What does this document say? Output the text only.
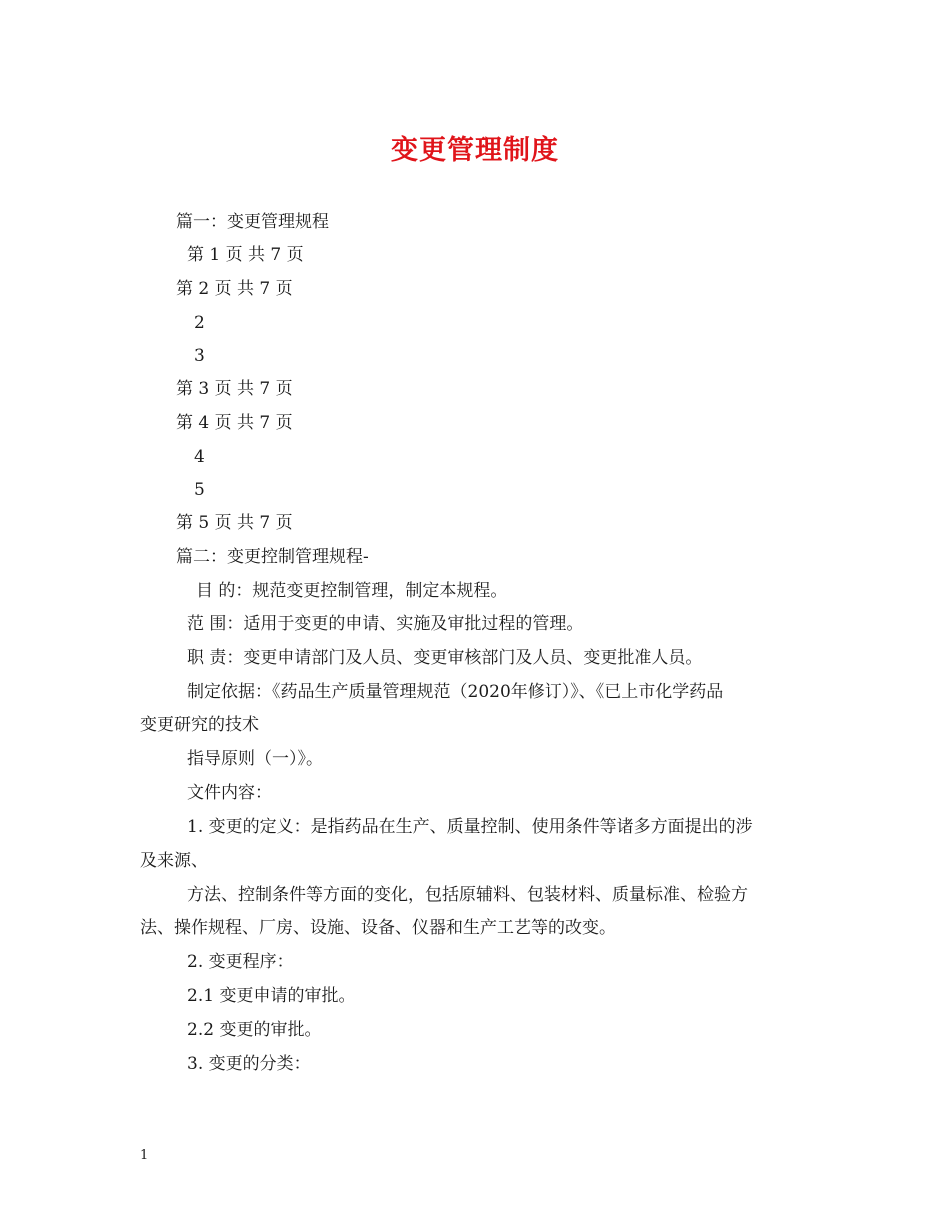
变更管理制度
篇一：变更管理规程
第 1 页 共 7 页
第 2 页 共 7 页
2
3
第 3 页 共 7 页
第 4 页 共 7 页
4
5
第 5 页 共 7 页
篇二：变更控制管理规程-
目 的：规范变更控制管理，制定本规程。
范 围：适用于变更的申请、实施及审批过程的管理。
职 责：变更申请部门及人员、变更审核部门及人员、变更批准人员。
制定依据：《药品生产质量管理规范（2020年修订）》、《已上市化学药品
变更研究的技术
指导原则（一）》。
文件内容：
1. 变更的定义：是指药品在生产、质量控制、使用条件等诸多方面提出的涉
及来源、
方法、控制条件等方面的变化，包括原辅料、包装材料、质量标准、检验方
法、操作规程、厂房、设施、设备、仪器和生产工艺等的改变。
2. 变更程序：
2.1 变更申请的审批。
2.2 变更的审批。
3. 变更的分类：
1
